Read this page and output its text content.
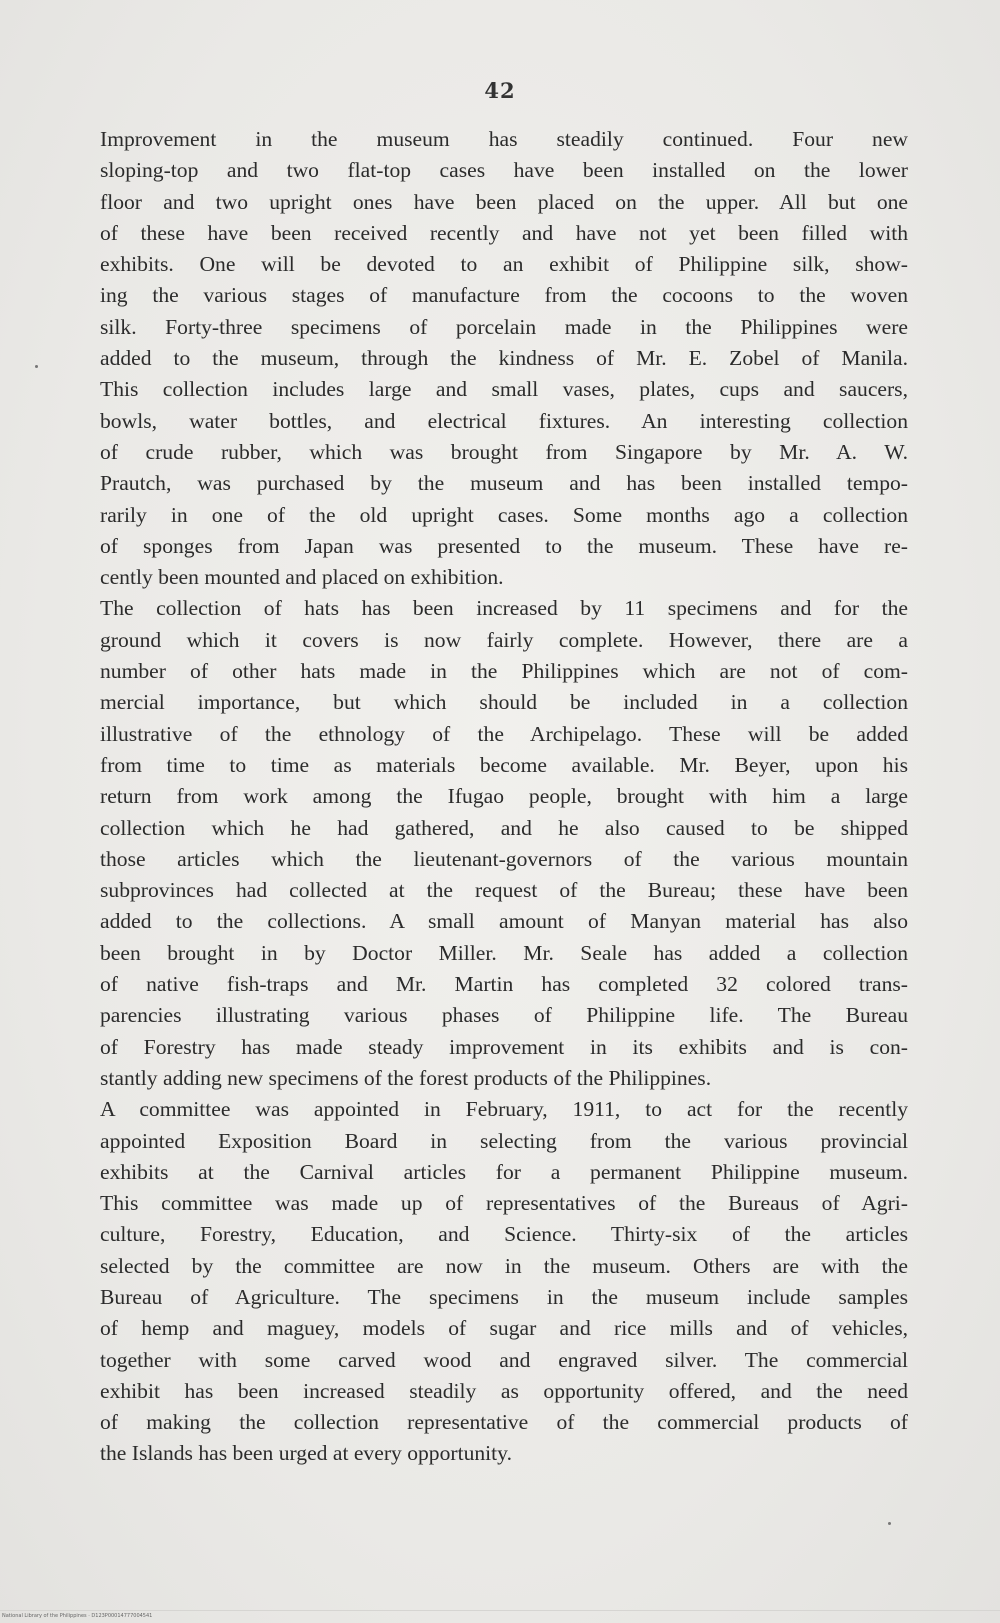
42
Improvement in the museum has steadily continued. Four new
sloping-top and two flat-top cases have been installed on the lower
floor and two upright ones have been placed on the upper. All but one
of these have been received recently and have not yet been filled with
exhibits. One will be devoted to an exhibit of Philippine silk, show-
ing the various stages of manufacture from the cocoons to the woven
silk. Forty-three specimens of porcelain made in the Philippines were
added to the museum, through the kindness of Mr. E. Zobel of Manila.
This collection includes large and small vases, plates, cups and saucers,
bowls, water bottles, and electrical fixtures. An interesting collection
of crude rubber, which was brought from Singapore by Mr. A. W.
Prautch, was purchased by the museum and has been installed tempo-
rarily in one of the old upright cases. Some months ago a collection
of sponges from Japan was presented to the museum. These have re-
cently been mounted and placed on exhibition.
The collection of hats has been increased by 11 specimens and for the
ground which it covers is now fairly complete. However, there are a
number of other hats made in the Philippines which are not of com-
mercial importance, but which should be included in a collection
illustrative of the ethnology of the Archipelago. These will be added
from time to time as materials become available. Mr. Beyer, upon his
return from work among the Ifugao people, brought with him a large
collection which he had gathered, and he also caused to be shipped
those articles which the lieutenant-governors of the various mountain
subprovinces had collected at the request of the Bureau; these have been
added to the collections. A small amount of Manyan material has also
been brought in by Doctor Miller. Mr. Seale has added a collection
of native fish-traps and Mr. Martin has completed 32 colored trans-
parencies illustrating various phases of Philippine life. The Bureau
of Forestry has made steady improvement in its exhibits and is con-
stantly adding new specimens of the forest products of the Philippines.
A committee was appointed in February, 1911, to act for the recently
appointed Exposition Board in selecting from the various provincial
exhibits at the Carnival articles for a permanent Philippine museum.
This committee was made up of representatives of the Bureaus of Agri-
culture, Forestry, Education, and Science. Thirty-six of the articles
selected by the committee are now in the museum. Others are with the
Bureau of Agriculture. The specimens in the museum include samples
of hemp and maguey, models of sugar and rice mills and of vehicles,
together with some carved wood and engraved silver. The commercial
exhibit has been increased steadily as opportunity offered, and the need
of making the collection representative of the commercial products of
the Islands has been urged at every opportunity.
National Library of the Philippines · D123P00014777004541
